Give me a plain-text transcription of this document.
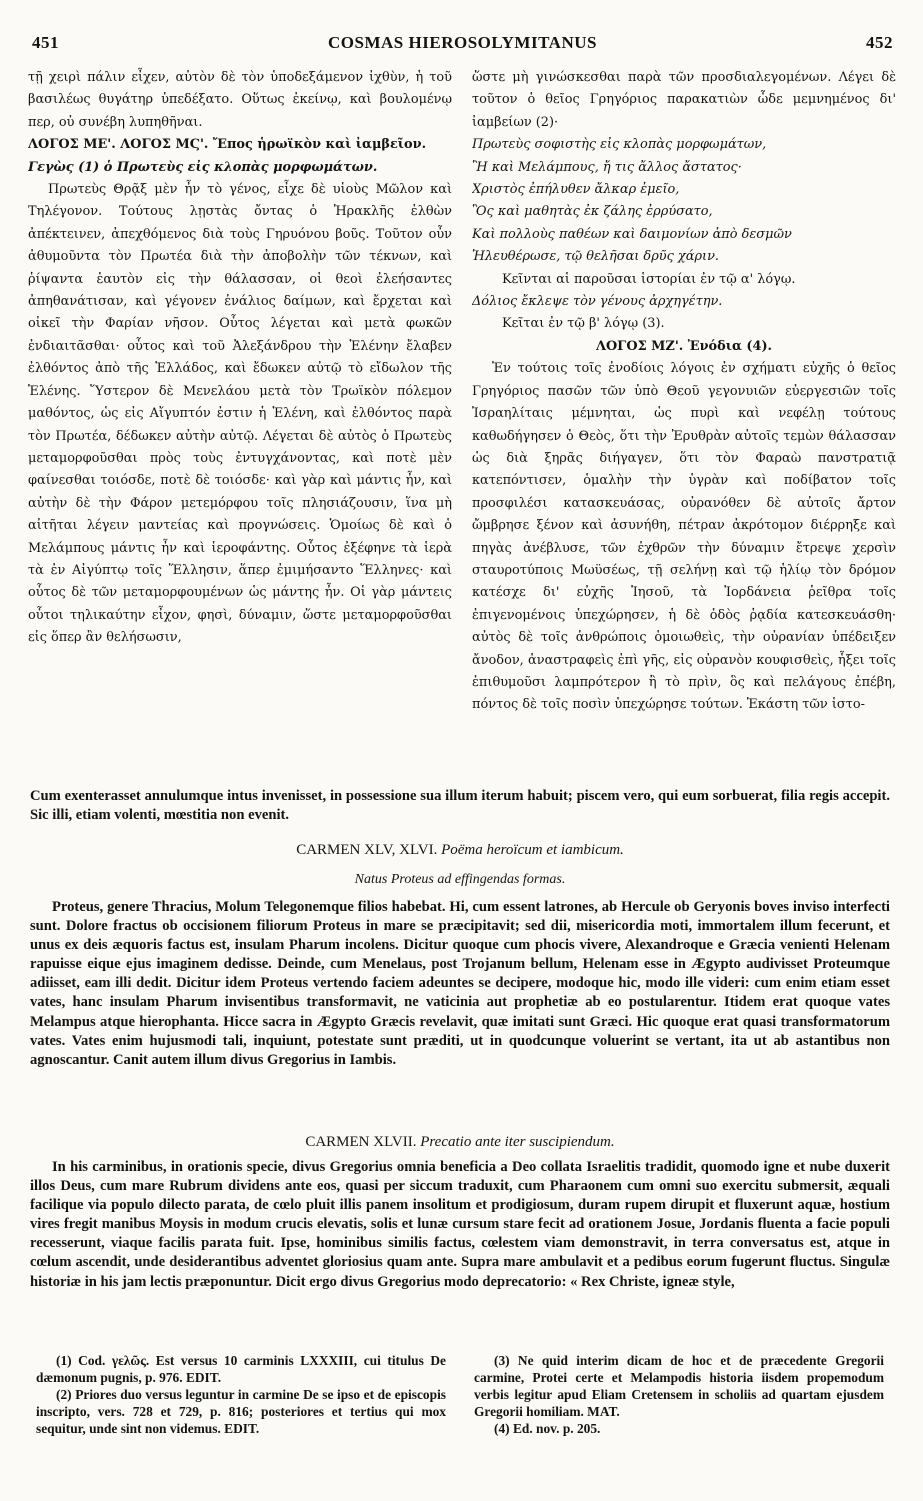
451	COSMAS HIEROSOLYMITANUS	452

τῇ χειρὶ πάλιν εἶχεν, αὐτὸν δὲ τὸν ὑποδεξάμενον ἰχθὺν, ἡ τοῦ βασιλέως θυγάτηρ ὑπεδέξατο. Οὕτως ἐκείνῳ, καὶ βουλομένῳ περ, οὐ συνέβη λυπηθῆναι.

ΛΟΓΟΣ ΜΕ'. ΛΟΓΟΣ ΜϚ'. Ἔπος ἡρωϊκὸν καὶ ἰαμβεῖον.

Γεγὼς (1) ὁ Πρωτεὺς εἰς κλοπὰς μορφωμάτων.

Πρωτεὺς Θρᾷξ μὲν ἦν τὸ γένος, εἶχε δὲ υἱοὺς Μῶλον καὶ Τηλέγονον. Τούτους λῃστὰς ὄντας ὁ Ἡρακλῆς ἐλθὼν ἀπέκτεινεν, ἀπεχθόμενος διὰ τοὺς Γηρυόνου βοῦς. Τοῦτον οὖν ἀθυμοῦντα τὸν Πρωτέα διὰ τὴν ἀποβολὴν τῶν τέκνων, καὶ ῥίψαντα ἑαυτὸν εἰς τὴν θάλασσαν, οἱ θεοὶ ἐλεήσαντες ἀπηθανάτισαν, καὶ γέγονεν ἐνάλιος δαίμων, καὶ ἔρχεται καὶ οἰκεῖ τὴν Φαρίαν νῆσον. Οὗτος λέγεται καὶ μετὰ φωκῶν ἐνδιαιτᾶσθαι· οὗτος καὶ τοῦ Ἀλεξάνδρου τὴν Ἑλένην ἔλαβεν ἐλθόντος ἀπὸ τῆς Ἑλλάδος, καὶ ἔδωκεν αὐτῷ τὸ εἴδωλον τῆς Ἑλένης. Ὕστερον δὲ Μενελάου μετὰ τὸν Τρωϊκὸν πόλεμον μαθόντος, ὡς εἰς Αἴγυπτόν ἐστιν ἡ Ἑλένη, καὶ ἐλθόντος παρὰ τὸν Πρωτέα, δέδωκεν αὐτὴν αὐτῷ. Λέγεται δὲ αὐτὸς ὁ Πρωτεὺς μεταμορφοῦσθαι πρὸς τοὺς ἐντυγχάνοντας, καὶ ποτὲ μὲν φαίνεσθαι τοιόσδε, ποτὲ δὲ τοιόσδε· καὶ γὰρ καὶ μάντις ἦν, καὶ αὐτὴν δὲ τὴν Φάρον μετεμόρφου τοῖς πλησιάζουσιν, ἵνα μὴ αἰτῆται λέγειν μαντείας καὶ προγνώσεις. Ὁμοίως δὲ καὶ ὁ Μελάμπους μάντις ἦν καὶ ἱεροφάντης. Οὗτος ἐξέφηνε τὰ ἱερὰ τὰ ἐν Αἰγύπτῳ τοῖς Ἕλλησιν, ἅπερ ἐμιμήσαντο Ἕλληνες· καὶ οὗτος δὲ τῶν μεταμορφουμένων ὡς μάντης ἦν. Οἱ γὰρ μάντεις οὗτοι τηλικαύτην εἶχον, φησὶ, δύναμιν, ὥστε μεταμορφοῦσθαι εἰς ὅπερ ἂν θελήσωσιν,

ὥστε μὴ γινώσκεσθαι παρὰ τῶν προσδιαλεγομένων. Λέγει δὲ τοῦτον ὁ θεῖος Γρηγόριος παρακατιὼν ὧδε μεμνημένος δι' ἰαμβείων (2)·

Πρωτεὺς σοφιστὴς εἰς κλοπὰς μορφωμάτων,

Ἢ καὶ Μελάμπους, ἤ τις ἄλλος ἄστατος·

Χριστὸς ἐπήλυθεν ἄλκαρ ἐμεῖο,

Ὃς καὶ μαθητὰς ἐκ ζάλης ἐρρύσατο,

Καὶ πολλοὺς παθέων καὶ δαιμονίων ἀπὸ δεσμῶν

Ἠλευθέρωσε, τῷ θελῆσαι δρῦς χάριν.

Κεῖνται αἱ παροῦσαι ἱστορίαι ἐν τῷ α' λόγῳ.

Δόλιος ἔκλεψε τὸν γένους ἀρχηγέτην.

Κεῖται ἐν τῷ β' λόγῳ (3).

ΛΟΓΟΣ ΜΖ'. Ἐνόδια (4).

Ἐν τούτοις τοῖς ἐνοδίοις λόγοις ἐν σχήματι εὐχῆς ὁ θεῖος Γρηγόριος πασῶν τῶν ὑπὸ Θεοῦ γεγονυιῶν εὐεργεσιῶν τοῖς Ἰσραηλίταις μέμνηται, ὡς πυρὶ καὶ νεφέλῃ τούτους καθωδήγησεν ὁ Θεὸς, ὅτι τὴν Ἐρυθρὰν αὐτοῖς τεμὼν θάλασσαν ὡς διὰ ξηρᾶς διήγαγεν, ὅτι τὸν Φαραὼ πανστρατιᾷ κατεπόντισεν, ὁμαλὴν τὴν ὑγρὰν καὶ ποδίβατον τοῖς προσφιλέσι κατασκευάσας, οὐρανόθεν δὲ αὐτοῖς ἄρτον ὤμβρησε ξένον καὶ ἀσυνήθη, πέτραν ἀκρότομον διέρρηξε καὶ πηγὰς ἀνέβλυσε, τῶν ἐχθρῶν τὴν δύναμιν ἔτρεψε χερσὶν σταυροτύποις Μωϋσέως, τῇ σελήνῃ καὶ τῷ ἡλίῳ τὸν δρόμον κατέσχε δι' εὐχῆς Ἰησοῦ, τὰ Ἰορδάνεια ῥεῖθρα τοῖς ἐπιγενομένοις ὑπεχώρησεν, ἡ δὲ ὁδὸς ῥᾳδία κατεσκευάσθη· αὐτὸς δὲ τοῖς ἀνθρώποις ὁμοιωθεὶς, τὴν οὐρανίαν ὑπέδειξεν ἄνοδον, ἀναστραφεὶς ἐπὶ γῆς, εἰς οὐρανὸν κουφισθεὶς, ἧξει τοῖς ἐπιθυμοῦσι λαμπρότερον ἢ τὸ πρὶν, ὃς καὶ πελάγους ἐπέβη, πόντος δὲ τοῖς ποσὶν ὑπεχώρησε τούτων. Ἑκάστη τῶν ἱστο-

Cum exenterasset annulumque intus invenisset, in possessione sua illum iterum habuit; piscem vero, qui eum sorbuerat, filia regis accepit. Sic illi, etiam volenti, mœstitia non evenit.

CARMEN XLV, XLVI. Poëma heroïcum et iambicum.
Natus Proteus ad effingendas formas.

Proteus, genere Thracius, Molum Telegonemque filios habebat. Hi, cum essent latrones, ab Hercule ob Geryonis boves inviso interfecti sunt. Dolore fractus ob occisionem filiorum Proteus in mare se præcipitavit; sed dii, misericordia moti, immortalem illum fecerunt, et unus ex deis æquoris factus est, insulam Pharum incolens. Dicitur quoque cum phocis vivere, Alexandroque e Græcia venienti Helenam rapuisse eique ejus imaginem dedisse. Deinde, cum Menelaus, post Trojanum bellum, Helenam esse in Ægypto audivisset Proteumque adiisset, eam illi dedit. Dicitur idem Proteus vertendo faciem adeuntes se decipere, modoque hic, modo ille videri: cum enim etiam esset vates, hanc insulam Pharum invisentibus transformavit, ne vaticinia aut prophetiæ ab eo postularentur. Itidem erat quoque vates Melampus atque hierophanta. Hicce sacra in Ægypto Græcis revelavit, quæ imitati sunt Græci. Hic quoque erat quasi transformatorum vates. Vates enim hujusmodi tali, inquiunt, potestate sunt præditi, ut in quodcunque voluerint se vertant, ita ut ab astantibus non agnoscantur. Canit autem illum divus Gregorius in Iambis.

CARMEN XLVII. Precatio ante iter suscipiendum.

In his carminibus, in orationis specie, divus Gregorius omnia beneficia a Deo collata Israelitis tradidit, quomodo igne et nube duxerit illos Deus, cum mare Rubrum dividens ante eos, quasi per siccum traduxit, cum Pharaonem cum omni suo exercitu submersit, æquali facilique via populo dilecto parata, de cœlo pluit illis panem insolitum et prodigiosum, duram rupem dirupit et fluxerunt aquæ, hostium vires fregit manibus Moysis in modum crucis elevatis, solis et lunæ cursum stare fecit ad orationem Josue, Jordanis fluenta a facie populi recesserunt, viaque facilis parata fuit. Ipse, hominibus similis factus, cœlestem viam demonstravit, in terra conversatus est, atque in cœlum ascendit, unde desiderantibus adventet gloriosius quam ante. Supra mare ambulavit et a pedibus eorum fugerunt fluctus. Singulæ historiæ in his jam lectis præponuntur. Dicit ergo divus Gregorius modo deprecatorio: « Rex Christe, igneæ style,

(1) Cod. γελῶς. Est versus 10 carminis LXXXIII, cui titulus De dæmonum pugnis, p. 976. EDIT.

(2) Priores duo versus leguntur in carmine De se ipso et de episcopis inscripto, vers. 728 et 729, p. 816; posteriores et tertius qui mox sequitur, unde sint non videmus. EDIT.

(3) Ne quid interim dicam de hoc et de præcedente Gregorii carmine, Protei certe et Melampodis historia iisdem propemodum verbis legitur apud Eliam Cretensem in scholiis ad quartam ejusdem Gregorii homiliam. MAT.

(4) Ed. nov. p. 205.
